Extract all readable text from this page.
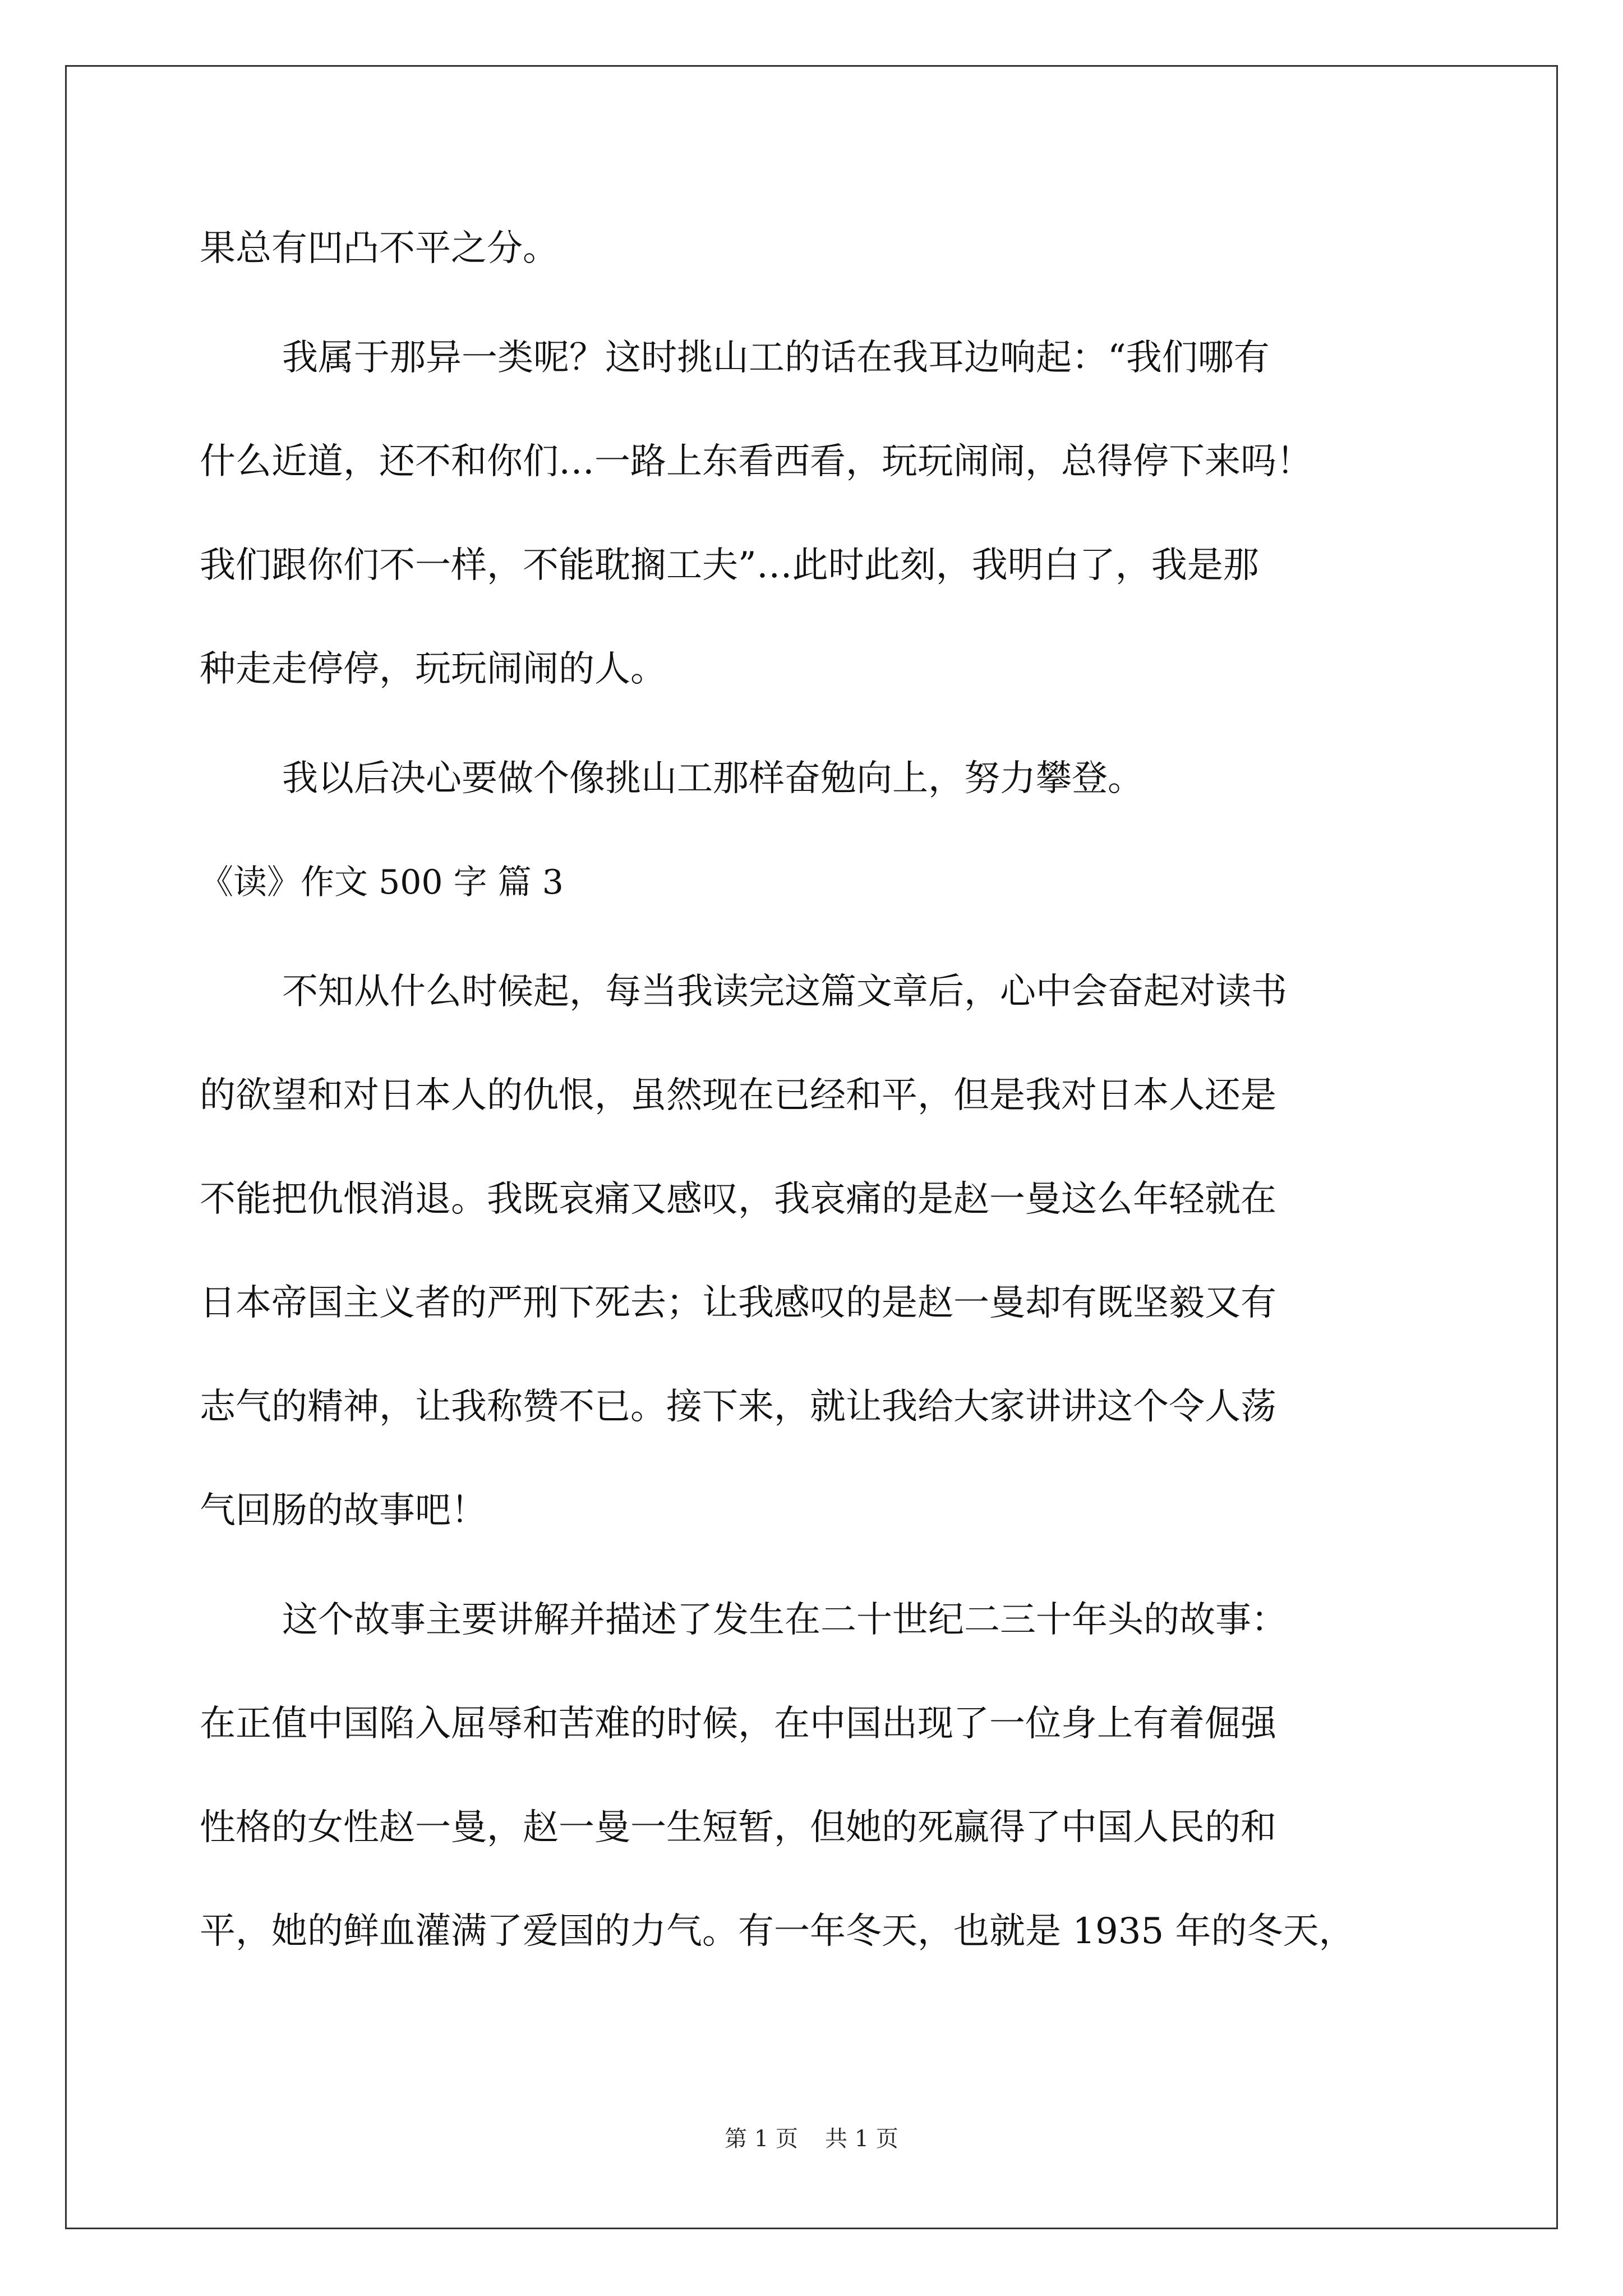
果总有凹凸不平之分。
我属于那异一类呢？这时挑山工的话在我耳边响起：“我们哪有
什么近道，还不和你们…一路上东看西看，玩玩闹闹，总得停下来吗！
我们跟你们不一样，不能耽搁工夫”…此时此刻，我明白了，我是那
种走走停停，玩玩闹闹的人。
我以后决心要做个像挑山工那样奋勉向上，努力攀登。
《读》作文 500 字 篇 3
不知从什么时候起，每当我读完这篇文章后，心中会奋起对读书
的欲望和对日本人的仇恨，虽然现在已经和平，但是我对日本人还是
不能把仇恨消退。我既哀痛又感叹，我哀痛的是赵一曼这么年轻就在
日本帝国主义者的严刑下死去；让我感叹的是赵一曼却有既坚毅又有
志气的精神，让我称赞不已。接下来，就让我给大家讲讲这个令人荡
气回肠的故事吧！
这个故事主要讲解并描述了发生在二十世纪二三十年头的故事：
在正值中国陷入屈辱和苦难的时候，在中国出现了一位身上有着倔强
性格的女性赵一曼，赵一曼一生短暂，但她的死赢得了中国人民的和
平，她的鲜血灌满了爱国的力气。有一年冬天，也就是 1935 年的冬天，
第 1 页 共 1 页
